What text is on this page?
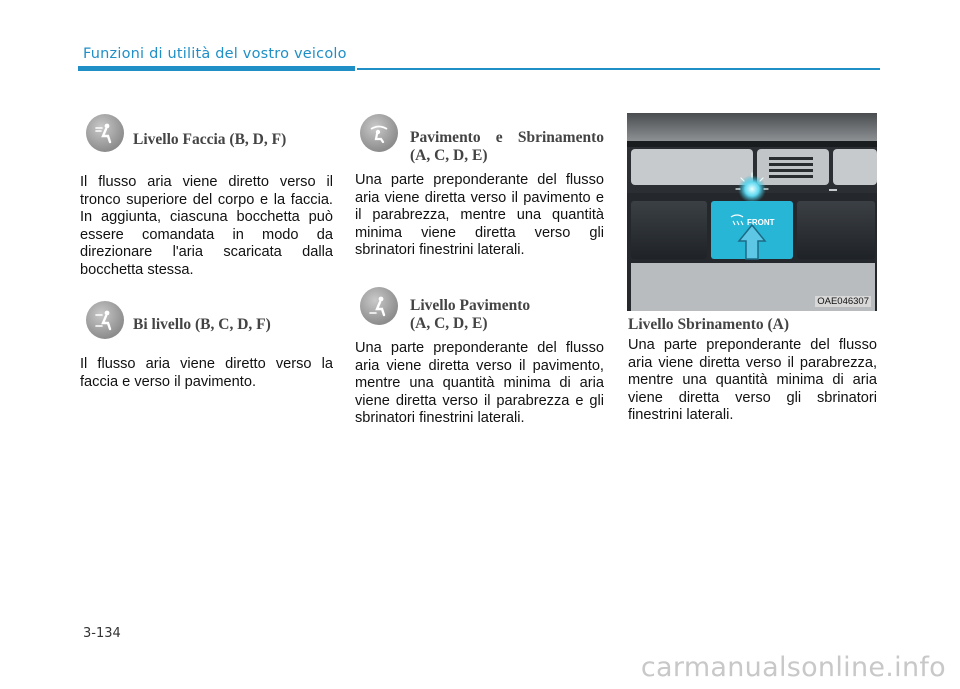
Funzioni di utilità del vostro veicolo
Livello Faccia (B, D, F)
Il flusso aria viene diretto verso il tronco superiore del corpo e la faccia. In aggiunta, ciascuna bocchetta può essere comandata in modo da direzionare l'aria scaricata dalla bocchetta stessa.
Bi livello (B, C, D, F)
Il flusso aria viene diretto verso la faccia e verso il pavimento.
Pavimento e Sbrinamento
(A, C, D, E)
Una parte preponderante del flusso aria viene diretta verso il pavimento e il parabrezza, mentre una quantità minima viene diretta verso gli sbrinatori finestrini laterali.
Livello Pavimento
(A, C, D, E)
Una parte preponderante del flusso aria viene diretta verso il pavimento, mentre una quantità minima di aria viene diretta verso il parabrezza e gli sbrinatori finestrini laterali.
FRONT
OAE046307
Livello Sbrinamento (A)
Una parte preponderante del flusso aria viene diretta verso il parabrezza, mentre una quantità minima di aria viene diretta verso gli sbrinatori finestrini laterali.
3-134
carmanualsonline.info
